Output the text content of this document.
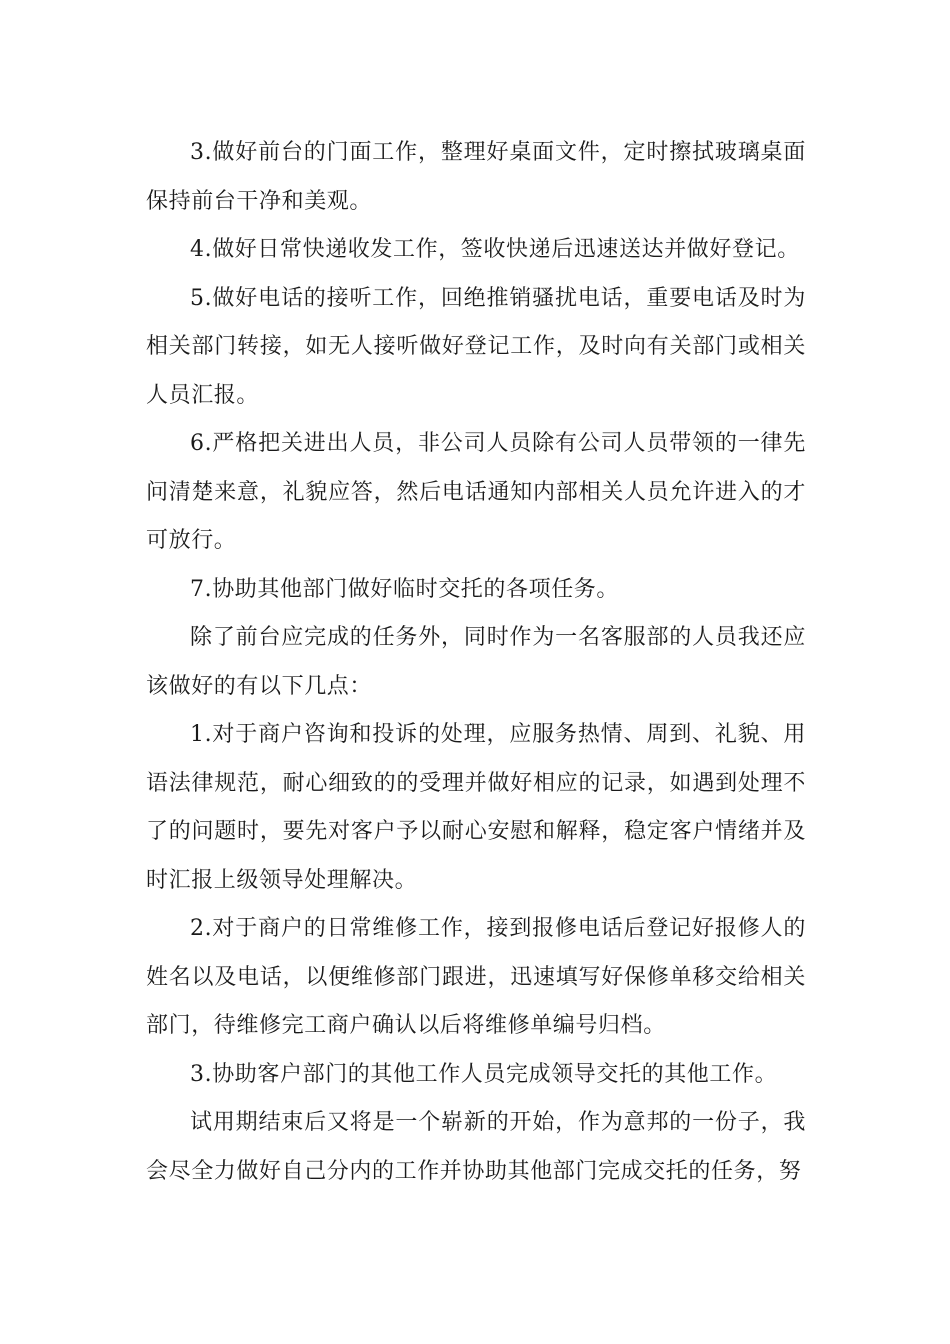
3.做好前台的门面工作，整理好桌面文件，定时擦拭玻璃桌面保持前台干净和美观。

4.做好日常快递收发工作，签收快递后迅速送达并做好登记。

5.做好电话的接听工作，回绝推销骚扰电话，重要电话及时为相关部门转接，如无人接听做好登记工作，及时向有关部门或相关人员汇报。

6.严格把关进出人员，非公司人员除有公司人员带领的一律先问清楚来意，礼貌应答，然后电话通知内部相关人员允许进入的才可放行。

7.协助其他部门做好临时交托的各项任务。

除了前台应完成的任务外，同时作为一名客服部的人员我还应该做好的有以下几点：

1.对于商户咨询和投诉的处理，应服务热情、周到、礼貌、用语法律规范，耐心细致的的受理并做好相应的记录，如遇到处理不了的问题时，要先对客户予以耐心安慰和解释，稳定客户情绪并及时汇报上级领导处理解决。

2.对于商户的日常维修工作，接到报修电话后登记好报修人的姓名以及电话，以便维修部门跟进，迅速填写好保修单移交给相关部门，待维修完工商户确认以后将维修单编号归档。

3.协助客户部门的其他工作人员完成领导交托的其他工作。

试用期结束后又将是一个崭新的开始，作为意邦的一份子，我会尽全力做好自己分内的工作并协助其他部门完成交托的任务，努
